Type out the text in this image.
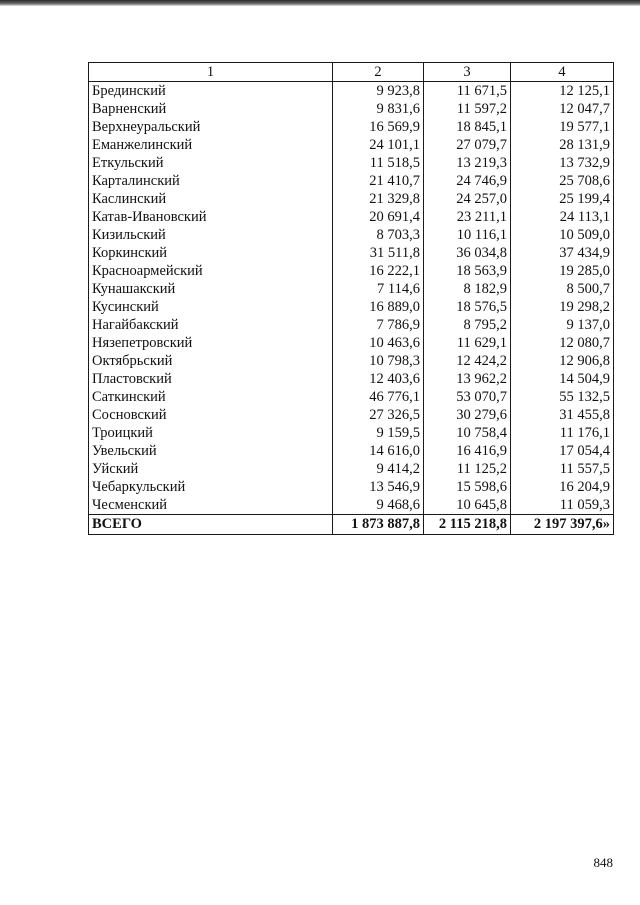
1	2	3	4
Брединский	9 923,8	11 671,5	12 125,1
Варненский	9 831,6	11 597,2	12 047,7
Верхнеуральский	16 569,9	18 845,1	19 577,1
Еманжелинский	24 101,1	27 079,7	28 131,9
Еткульский	11 518,5	13 219,3	13 732,9
Карталинский	21 410,7	24 746,9	25 708,6
Каслинский	21 329,8	24 257,0	25 199,4
Катав-Ивановский	20 691,4	23 211,1	24 113,1
Кизильский	8 703,3	10 116,1	10 509,0
Коркинский	31 511,8	36 034,8	37 434,9
Красноармейский	16 222,1	18 563,9	19 285,0
Кунашакский	7 114,6	8 182,9	8 500,7
Кусинский	16 889,0	18 576,5	19 298,2
Нагайбакский	7 786,9	8 795,2	9 137,0
Нязепетровский	10 463,6	11 629,1	12 080,7
Октябрьский	10 798,3	12 424,2	12 906,8
Пластовский	12 403,6	13 962,2	14 504,9
Саткинский	46 776,1	53 070,7	55 132,5
Сосновский	27 326,5	30 279,6	31 455,8
Троицкий	9 159,5	10 758,4	11 176,1
Увельский	14 616,0	16 416,9	17 054,4
Уйский	9 414,2	11 125,2	11 557,5
Чебаркульский	13 546,9	15 598,6	16 204,9
Чесменский	9 468,6	10 645,8	11 059,3
ВСЕГО	1 873 887,8	2 115 218,8	2 197 397,6»
848
